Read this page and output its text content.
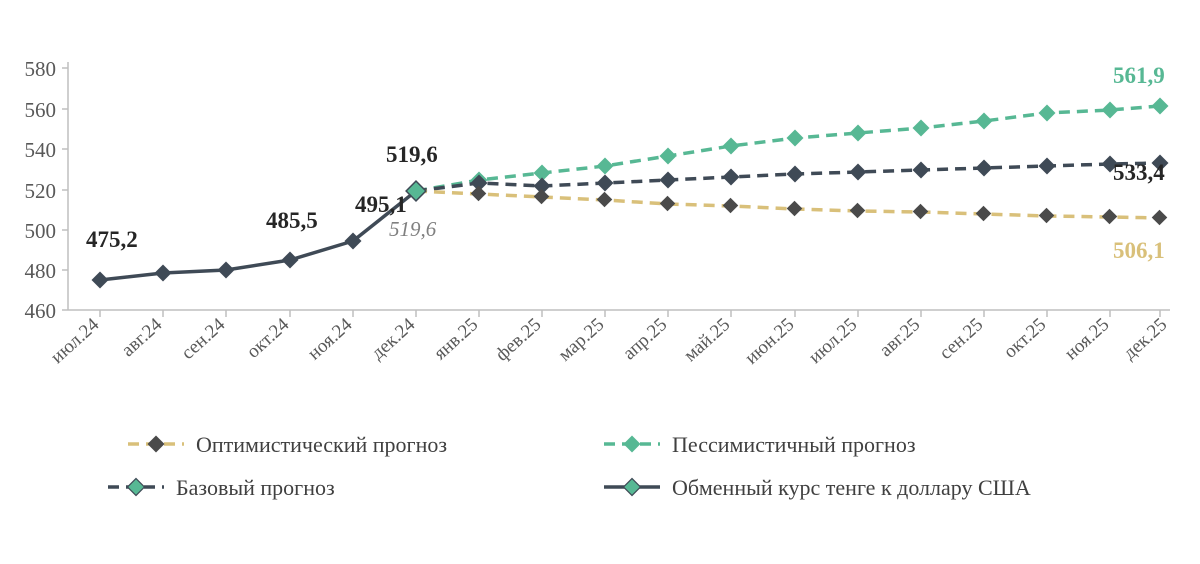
580
560
540
520
500
480
460
июл.24 авг.24 сен.24 окт.24 ноя.24 дек.24 янв.25 фев.25 мар.25 апр.25 май.25 июн.25 июл.25 авг.25 сен.25 окт.25 ноя.25 дек.25
475,2
485,5
495,1
519,6
519,6
561,9
533,4
506,1
Оптимистический прогноз	Пессимистичный прогноз
Базовый прогноз	Обменный курс тенге к доллару США
